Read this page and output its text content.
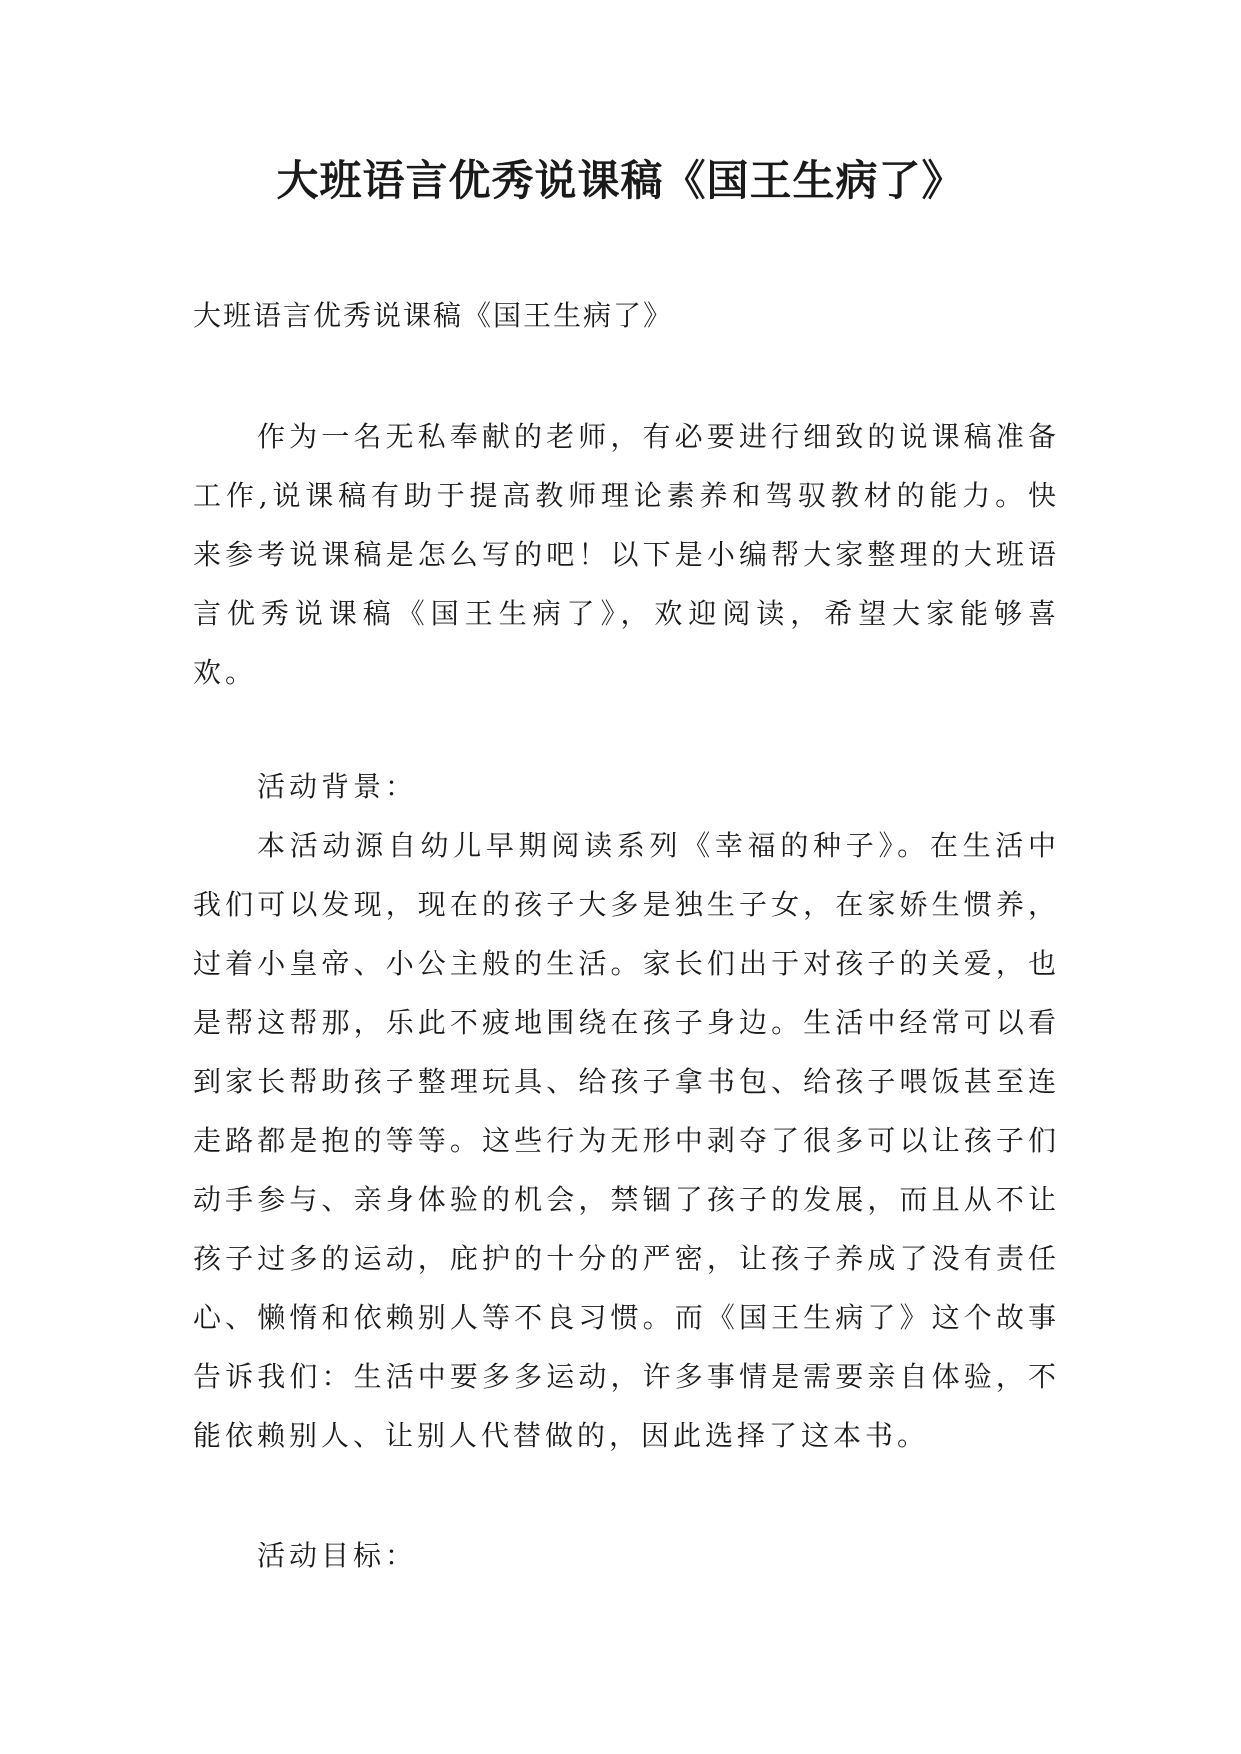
大班语言优秀说课稿《国王生病了》

大班语言优秀说课稿《国王生病了》

作为一名无私奉献的老师，有必要进行细致的说课稿准备工作,说课稿有助于提高教师理论素养和驾驭教材的能力。快来参考说课稿是怎么写的吧！以下是小编帮大家整理的大班语言优秀说课稿《国王生病了》，欢迎阅读，希望大家能够喜欢。

活动背景：

本活动源自幼儿早期阅读系列《幸福的种子》。在生活中我们可以发现，现在的孩子大多是独生子女，在家娇生惯养，过着小皇帝、小公主般的生活。家长们出于对孩子的关爱，也是帮这帮那，乐此不疲地围绕在孩子身边。生活中经常可以看到家长帮助孩子整理玩具、给孩子拿书包、给孩子喂饭甚至连走路都是抱的等等。这些行为无形中剥夺了很多可以让孩子们动手参与、亲身体验的机会，禁锢了孩子的发展，而且从不让孩子过多的运动，庇护的十分的严密，让孩子养成了没有责任心、懒惰和依赖别人等不良习惯。而《国王生病了》这个故事告诉我们：生活中要多多运动，许多事情是需要亲自体验，不能依赖别人、让别人代替做的，因此选择了这本书。

活动目标：
